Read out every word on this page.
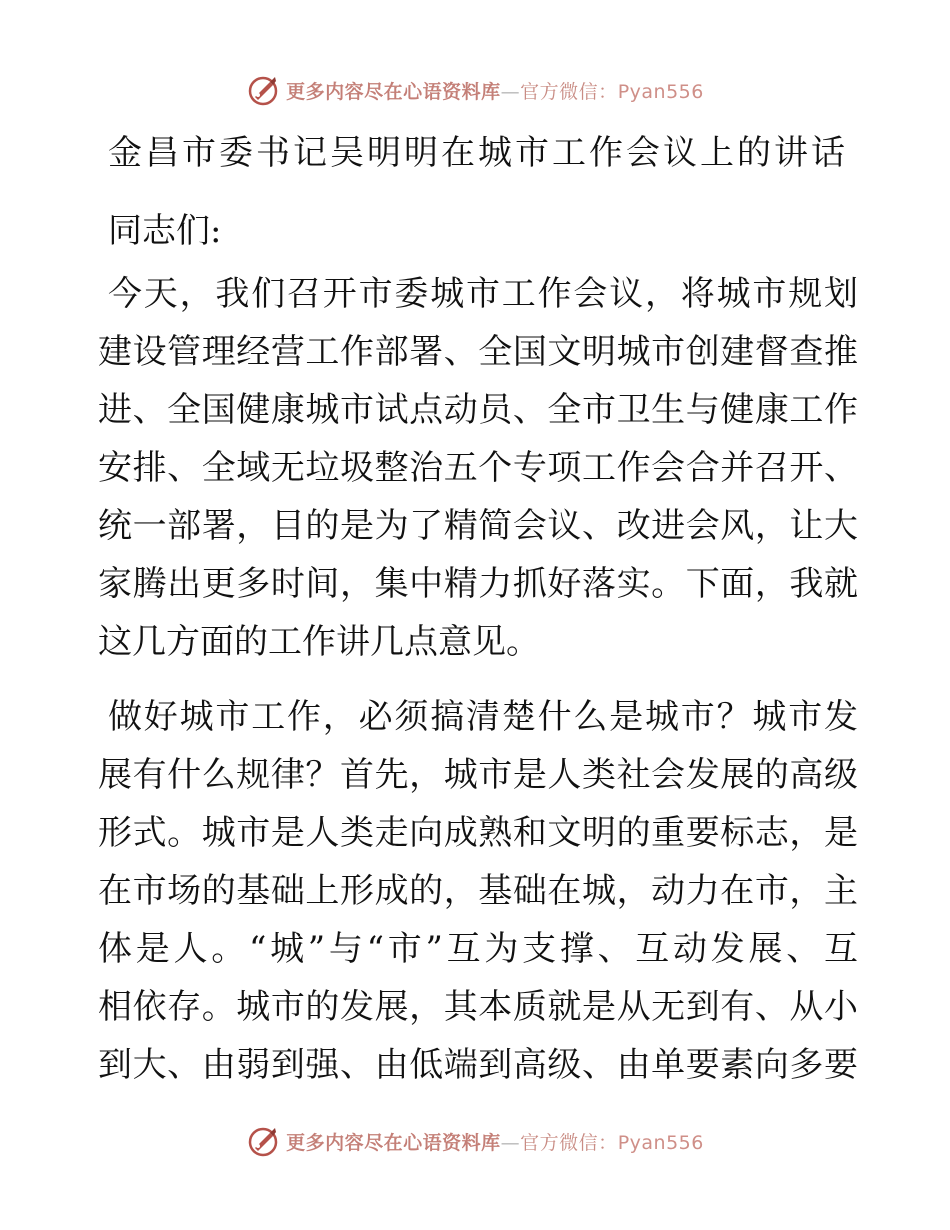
更多内容尽在心语资料库—官方微信：Pyan556
金昌市委书记吴明明在城市工作会议上的讲话
同志们:
今天，我们召开市委城市工作会议，将城市规划
建设管理经营工作部署、全国文明城市创建督查推
进、全国健康城市试点动员、全市卫生与健康工作
安排、全域无垃圾整治五个专项工作会合并召开、
统一部署，目的是为了精简会议、改进会风，让大
家腾出更多时间，集中精力抓好落实。下面，我就
这几方面的工作讲几点意见。
做好城市工作，必须搞清楚什么是城市？城市发
展有什么规律？首先，城市是人类社会发展的高级
形式。城市是人类走向成熟和文明的重要标志，是
在市场的基础上形成的，基础在城，动力在市，主
体是人。“城”与“市”互为支撑、互动发展、互
相依存。城市的发展，其本质就是从无到有、从小
到大、由弱到强、由低端到高级、由单要素向多要
更多内容尽在心语资料库—官方微信：Pyan556
